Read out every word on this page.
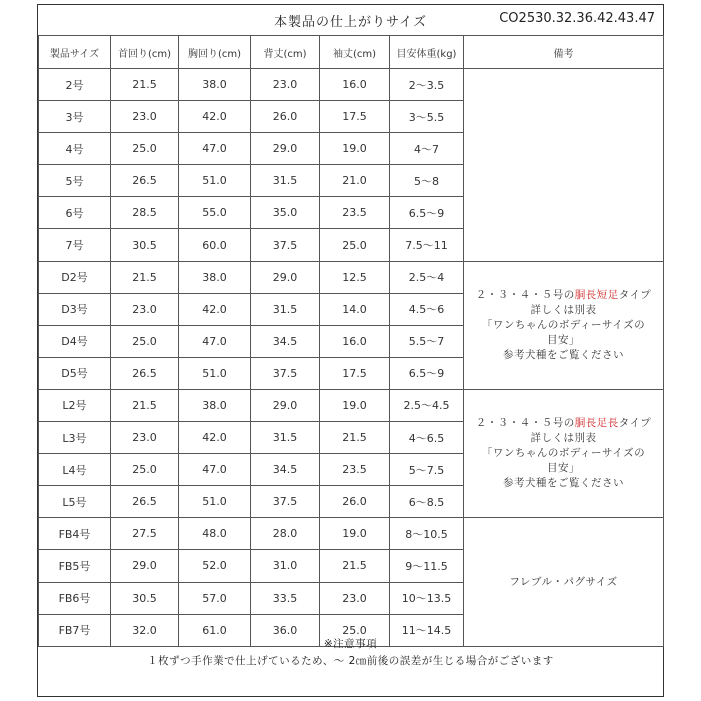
本製品の仕上がりサイズ	CO2530.32.36.42.43.47
製品サイズ	首回り(cm)	胸回り(cm)	背丈(cm)	袖丈(cm)	目安体重(kg)	備考
2号	21.5	38.0	23.0	16.0	2〜3.5	
3号	23.0	42.0	26.0	17.5	3〜5.5	
4号	25.0	47.0	29.0	19.0	4〜7	
5号	26.5	51.0	31.5	21.0	5〜8	
6号	28.5	55.0	35.0	23.5	6.5〜9	
7号	30.5	60.0	37.5	25.0	7.5〜11	
D2号	21.5	38.0	29.0	12.5	2.5〜4	２・３・４・５号の胴長短足タイプ
詳しくは別表
「ワンちゃんのボディーサイズの目安」
参考犬種をご覧ください

D3号	23.0	42.0	31.5	14.0	4.5〜6	
D4号	25.0	47.0	34.5	16.0	5.5〜7	
D5号	26.5	51.0	37.5	17.5	6.5〜9	
L2号	21.5	38.0	29.0	19.0	2.5〜4.5	２・３・４・５号の胴長足長タイプ
詳しくは別表
「ワンちゃんのボディーサイズの目安」
参考犬種をご覧ください

L3号	23.0	42.0	31.5	21.5	4〜6.5	
L4号	25.0	47.0	34.5	23.5	5〜7.5	
L5号	26.5	51.0	37.5	26.0	6〜8.5	
FB4号	27.5	48.0	28.0	19.0	8〜10.5	フレブル・パグサイズ

FB5号	29.0	52.0	31.0	21.5	9〜11.5	
FB6号	30.5	57.0	33.5	23.0	10〜13.5	
FB7号	32.0	61.0	36.0	25.0	11〜14.5	
※注意事項
１枚ずつ手作業で仕上げているため、〜 2㎝前後の誤差が生じる場合がございます
